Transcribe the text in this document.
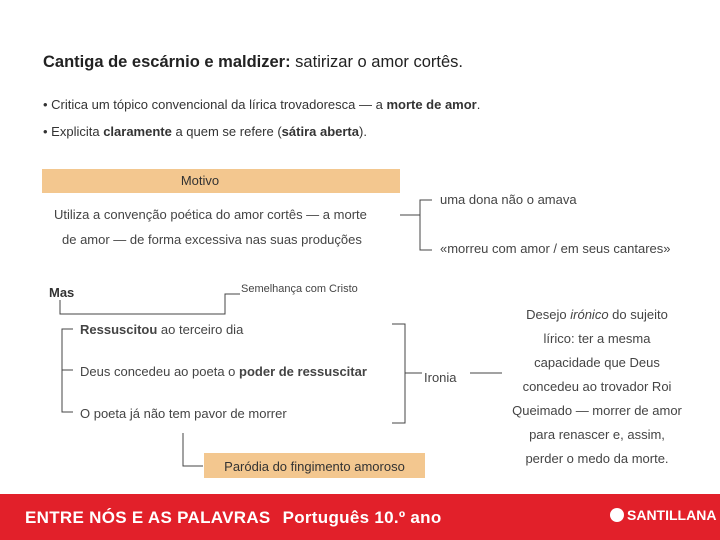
Cantiga de escárnio e maldizer: satirizar o amor cortês.
• Critica um tópico convencional da lírica trovadoresca — a morte de amor.
• Explicita claramente a quem se refere (sátira aberta).
Motivo
Utiliza a convenção poética do amor cortês — a morte
de amor — de forma excessiva nas suas produções
uma dona não o amava
«morreu com amor / em seus cantares»
Mas	Semelhança com Cristo
Ressuscitou ao terceiro dia
Deus concedeu ao poeta o poder de ressuscitar
O poeta já não tem pavor de morrer
Ironia
Desejo irónico do sujeito
lírico: ter a mesma
capacidade que Deus
concedeu ao trovador Roi
Queimado — morrer de amor
para renascer e, assim,
perder o medo da morte.
Paródia do fingimento amoroso
ENTRE NÓS E AS PALAVRAS Português 10.º ano	SANTILLANA
